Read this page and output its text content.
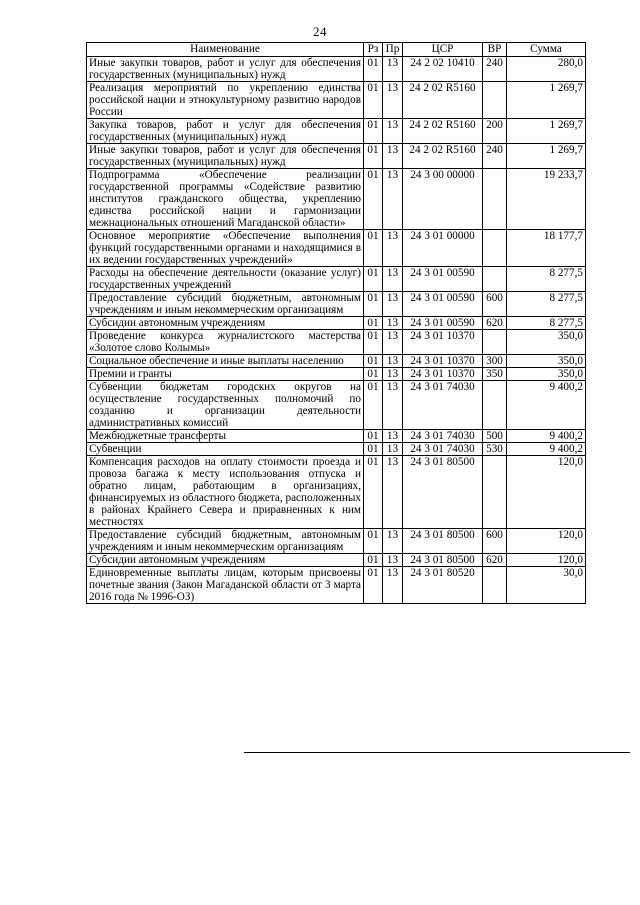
24
Наименование	Рз	Пр	ЦСР	ВР	Сумма
Иные закупки товаров, работ и услуг для обеспечения государственных (муниципальных) нужд	01	13	24 2 02 10410	240	280,0
Реализация мероприятий по укреплению единства российской нации и этнокультурному развитию народов России	01	13	24 2 02 R5160		1 269,7
Закупка товаров, работ и услуг для обеспечения государственных (муниципальных) нужд	01	13	24 2 02 R5160	200	1 269,7
Иные закупки товаров, работ и услуг для обеспечения государственных (муниципальных) нужд	01	13	24 2 02 R5160	240	1 269,7
Подпрограмма «Обеспечение реализации государственной программы «Содействие развитию институтов гражданского общества, укреплению единства российской нации и гармонизации межнациональных отношений Магаданской области»	01	13	24 3 00 00000		19 233,7
Основное мероприятие «Обеспечение выполнения функций государственными органами и находящимися в их ведении государственных учреждений»	01	13	24 3 01 00000		18 177,7
Расходы на обеспечение деятельности (оказание услуг) государственных учреждений	01	13	24 3 01 00590		8 277,5
Предоставление субсидий бюджетным, автономным учреждениям и иным некоммерческим организациям	01	13	24 3 01 00590	600	8 277,5
Субсидии автономным учреждениям	01	13	24 3 01 00590	620	8 277,5
Проведение конкурса журналистского мастерства «Золотое слово Колымы»	01	13	24 3 01 10370		350,0
Социальное обеспечение и иные выплаты населению	01	13	24 3 01 10370	300	350,0
Премии и гранты	01	13	24 3 01 10370	350	350,0
Субвенции бюджетам городских округов на осуществление государственных полномочий по созданию и организации деятельности административных комиссий	01	13	24 3 01 74030		9 400,2
Межбюджетные трансферты	01	13	24 3 01 74030	500	9 400,2
Субвенции	01	13	24 3 01 74030	530	9 400,2
Компенсация расходов на оплату стоимости проезда и провоза багажа к месту использования отпуска и обратно лицам, работающим в организациях, финансируемых из областного бюджета, расположенных в районах Крайнего Севера и приравненных к ним местностях	01	13	24 3 01 80500		120,0
Предоставление субсидий бюджетным, автономным учреждениям и иным некоммерческим организациям	01	13	24 3 01 80500	600	120,0
Субсидии автономным учреждениям	01	13	24 3 01 80500	620	120,0
Единовременные выплаты лицам, которым присвоены почетные звания (Закон Магаданской области от 3 марта 2016 года № 1996-ОЗ)	01	13	24 3 01 80520		30,0
